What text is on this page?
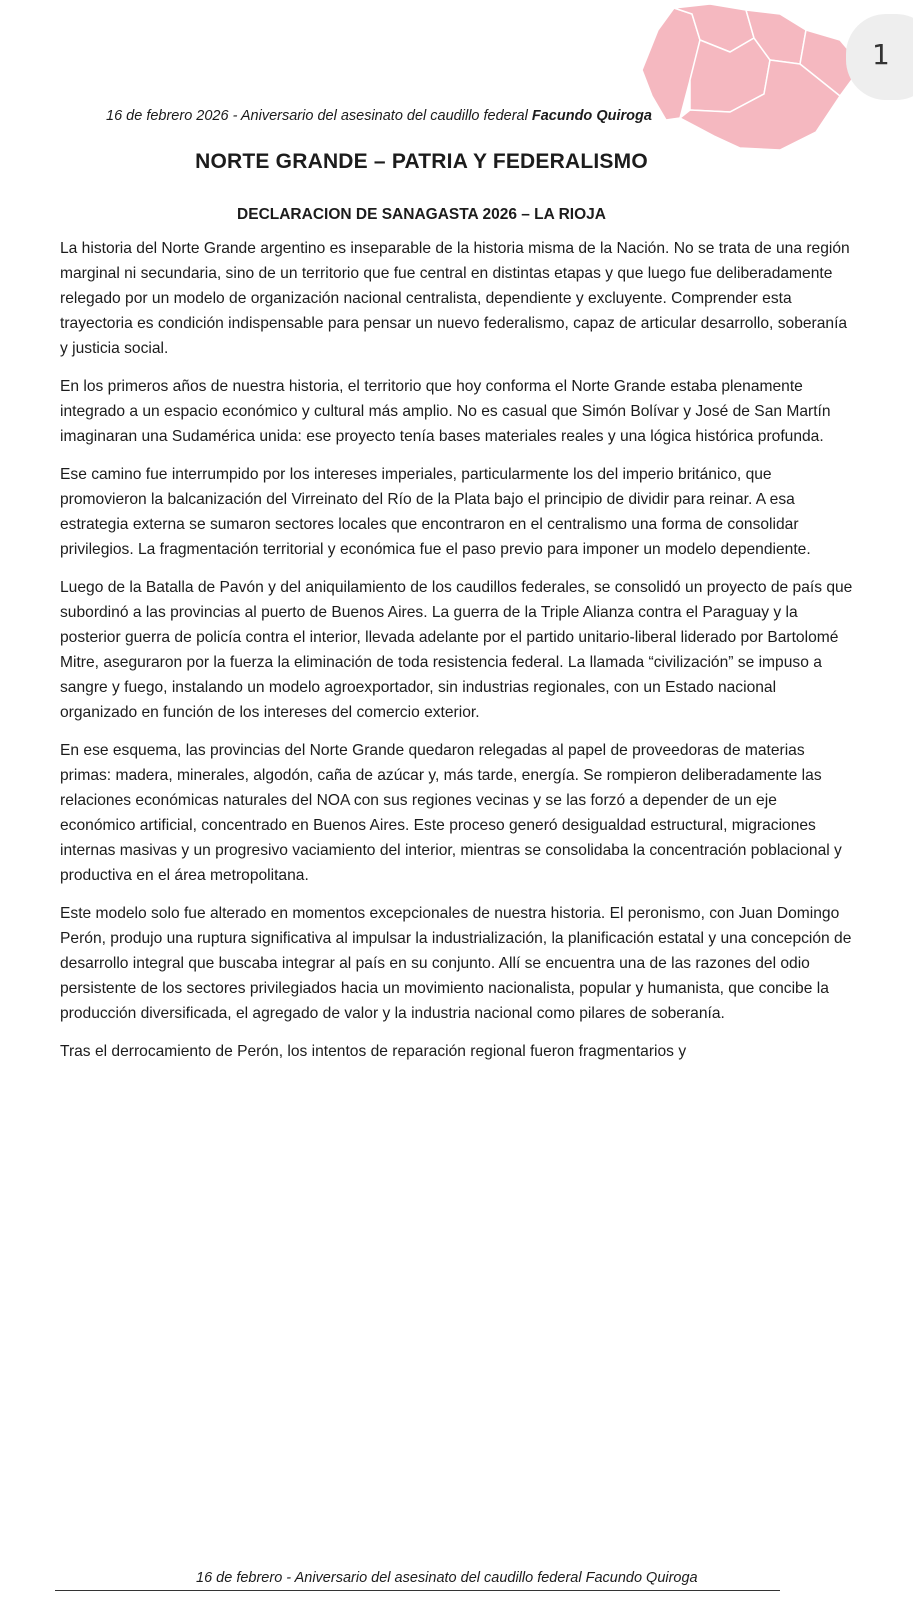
1
16 de febrero 2026 - Aniversario del asesinato del caudillo federal Facundo Quiroga
NORTE GRANDE – PATRIA Y FEDERALISMO
DECLARACION DE SANAGASTA 2026 – LA RIOJA

La historia del Norte Grande argentino es inseparable de la historia misma de la Nación. No se trata de una región marginal ni secundaria, sino de un territorio que fue central en distintas etapas y que luego fue deliberadamente relegado por un modelo de organización nacional centralista, dependiente y excluyente. Comprender esta trayectoria es condición indispensable para pensar un nuevo federalismo, capaz de articular desarrollo, soberanía y justicia social.

En los primeros años de nuestra historia, el territorio que hoy conforma el Norte Grande estaba plenamente integrado a un espacio económico y cultural más amplio. No es casual que Simón Bolívar y José de San Martín imaginaran una Sudamérica unida: ese proyecto tenía bases materiales reales y una lógica histórica profunda.

Ese camino fue interrumpido por los intereses imperiales, particularmente los del imperio británico, que promovieron la balcanización del Virreinato del Río de la Plata bajo el principio de dividir para reinar. A esa estrategia externa se sumaron sectores locales que encontraron en el centralismo una forma de consolidar privilegios. La fragmentación territorial y económica fue el paso previo para imponer un modelo dependiente.

Luego de la Batalla de Pavón y del aniquilamiento de los caudillos federales, se consolidó un proyecto de país que subordinó a las provincias al puerto de Buenos Aires. La guerra de la Triple Alianza contra el Paraguay y la posterior guerra de policía contra el interior, llevada adelante por el partido unitario-liberal liderado por Bartolomé Mitre, aseguraron por la fuerza la eliminación de toda resistencia federal. La llamada “civilización” se impuso a sangre y fuego, instalando un modelo agroexportador, sin industrias regionales, con un Estado nacional organizado en función de los intereses del comercio exterior.

En ese esquema, las provincias del Norte Grande quedaron relegadas al papel de proveedoras de materias primas: madera, minerales, algodón, caña de azúcar y, más tarde, energía. Se rompieron deliberadamente las relaciones económicas naturales del NOA con sus regiones vecinas y se las forzó a depender de un eje económico artificial, concentrado en Buenos Aires. Este proceso generó desigualdad estructural, migraciones internas masivas y un progresivo vaciamiento del interior, mientras se consolidaba la concentración poblacional y productiva en el área metropolitana.

Este modelo solo fue alterado en momentos excepcionales de nuestra historia. El peronismo, con Juan Domingo Perón, produjo una ruptura significativa al impulsar la industrialización, la planificación estatal y una concepción de desarrollo integral que buscaba integrar al país en su conjunto. Allí se encuentra una de las razones del odio persistente de los sectores privilegiados hacia un movimiento nacionalista, popular y humanista, que concibe la producción diversificada, el agregado de valor y la industria nacional como pilares de soberanía.

Tras el derrocamiento de Perón, los intentos de reparación regional fueron fragmentarios y

16 de febrero - Aniversario del asesinato del caudillo federal Facundo Quiroga
